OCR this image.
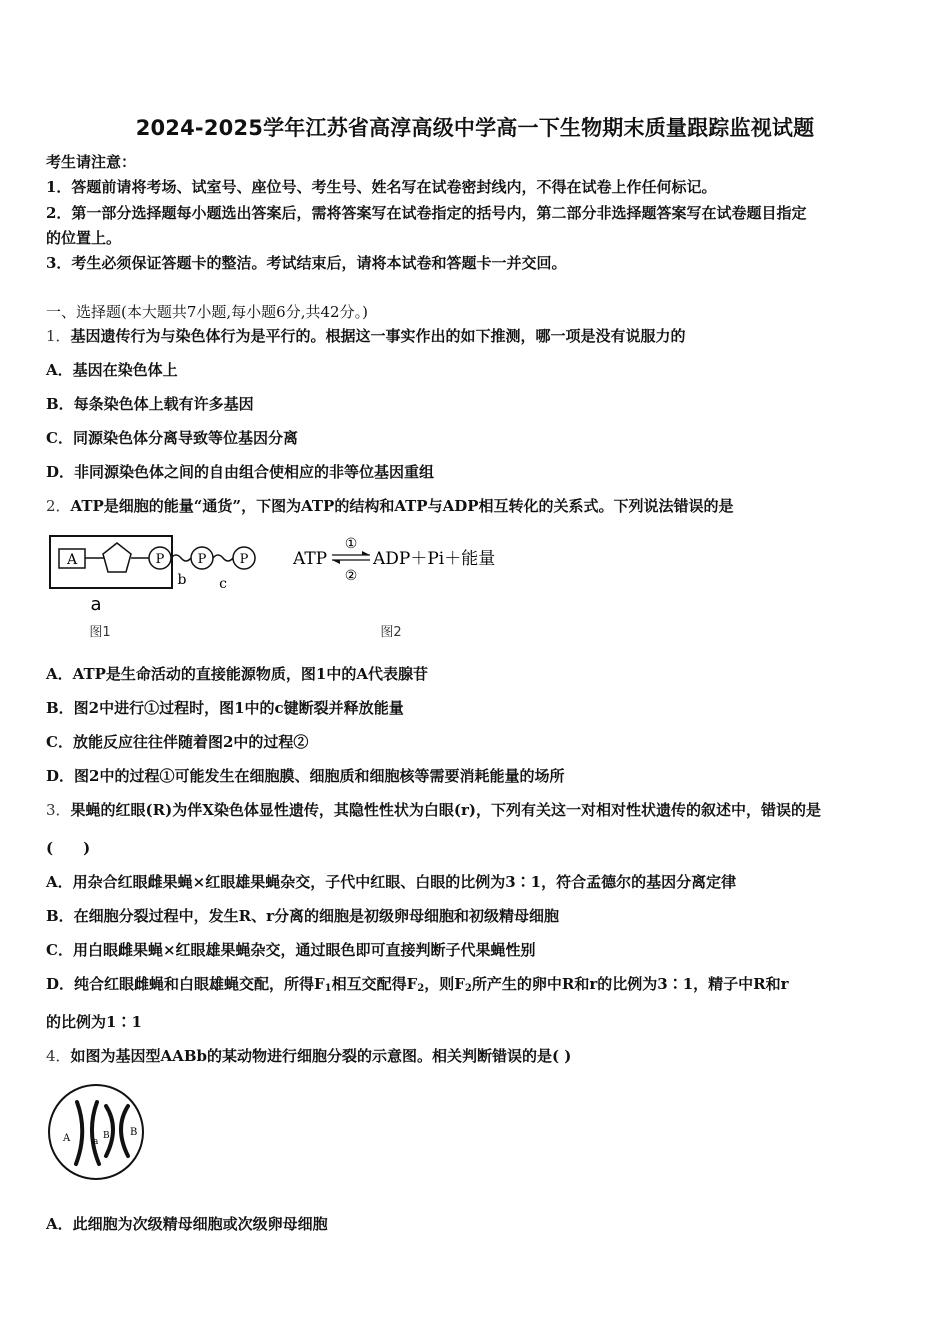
2024-2025学年江苏省高淳高级中学高一下生物期末质量跟踪监视试题
考生请注意：
1．答题前请将考场、试室号、座位号、考生号、姓名写在试卷密封线内，不得在试卷上作任何标记。
2．第一部分选择题每小题选出答案后，需将答案写在试卷指定的括号内，第二部分非选择题答案写在试卷题目指定
的位置上。
3．考生必须保证答题卡的整洁。考试结束后，请将本试卷和答题卡一并交回。
一、选择题(本大题共7小题,每小题6分,共42分。)
1．基因遗传行为与染色体行为是平行的。根据这一事实作出的如下推测，哪一项是没有说服力的
A．基因在染色体上
B．每条染色体上载有许多基因
C．同源染色体分离导致等位基因分离
D．非同源染色体之间的自由组合使相应的非等位基因重组
2．ATP是细胞的能量“通货”，下图为ATP的结构和ATP与ADP相互转化的关系式。下列说法错误的是
A	P	P	P
b c
a
图1
ATP
①
②
ADP＋Pi＋能量
图2
A．ATP是生命活动的直接能源物质，图1中的A代表腺苷
B．图2中进行①过程时，图1中的c键断裂并释放能量
C．放能反应往往伴随着图2中的过程②
D．图2中的过程①可能发生在细胞膜、细胞质和细胞核等需要消耗能量的场所
3．果蝇的红眼(R)为伴X染色体显性遗传，其隐性性状为白眼(r)，下列有关这一对相对性状遗传的叙述中，错误的是
(　　)
A．用杂合红眼雌果蝇×红眼雄果蝇杂交，子代中红眼、白眼的比例为3∶1，符合孟德尔的基因分离定律
B．在细胞分裂过程中，发生R、r分离的细胞是初级卵母细胞和初级精母细胞
C．用白眼雌果蝇×红眼雄果蝇杂交，通过眼色即可直接判断子代果蝇性别
D．纯合红眼雌蝇和白眼雄蝇交配，所得$F_1$相互交配得$F_2$，则$F_2$所产生的卵中R和r的比例为3∶1，精子中R和r
的比例为1∶1
4．如图为基因型AABb的某动物进行细胞分裂的示意图。相关判断错误的是( )
A	a
B B
A．此细胞为次级精母细胞或次级卵母细胞
